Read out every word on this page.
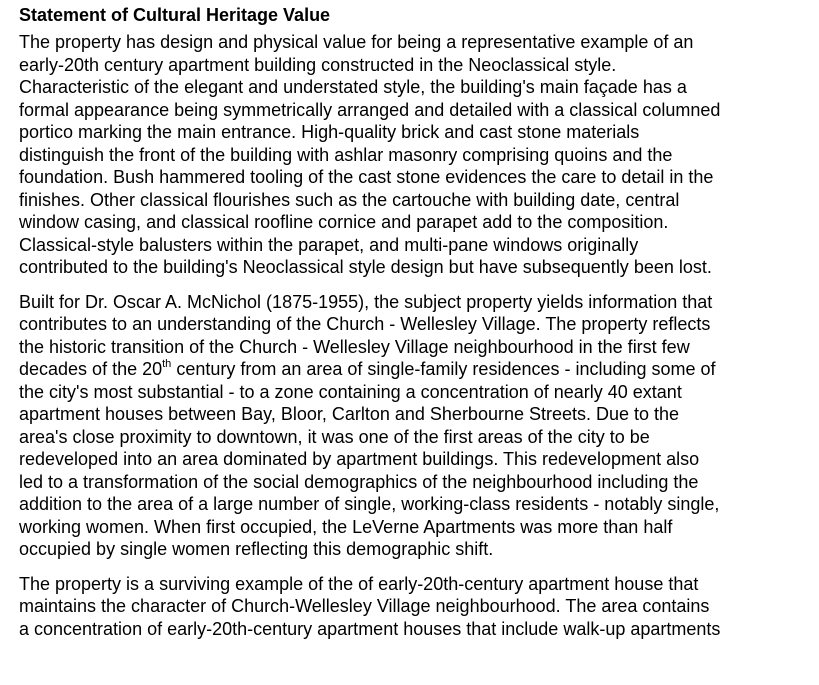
Statement of Cultural Heritage Value

The property has design and physical value for being a representative example of an
early-20th century apartment building constructed in the Neoclassical style.
Characteristic of the elegant and understated style, the building's main façade has a
formal appearance being symmetrically arranged and detailed with a classical columned
portico marking the main entrance. High-quality brick and cast stone materials
distinguish the front of the building with ashlar masonry comprising quoins and the
foundation. Bush hammered tooling of the cast stone evidences the care to detail in the
finishes. Other classical flourishes such as the cartouche with building date, central
window casing, and classical roofline cornice and parapet add to the composition.
Classical-style balusters within the parapet, and multi-pane windows originally
contributed to the building's Neoclassical style design but have subsequently been lost.

Built for Dr. Oscar A. McNichol (1875-1955), the subject property yields information that
contributes to an understanding of the Church - Wellesley Village. The property reflects
the historic transition of the Church - Wellesley Village neighbourhood in the first few
decades of the 20th century from an area of single-family residences - including some of
the city's most substantial - to a zone containing a concentration of nearly 40 extant
apartment houses between Bay, Bloor, Carlton and Sherbourne Streets. Due to the
area's close proximity to downtown, it was one of the first areas of the city to be
redeveloped into an area dominated by apartment buildings. This redevelopment also
led to a transformation of the social demographics of the neighbourhood including the
addition to the area of a large number of single, working-class residents - notably single,
working women. When first occupied, the LeVerne Apartments was more than half
occupied by single women reflecting this demographic shift.

The property is a surviving example of the of early-20th-century apartment house that
maintains the character of Church-Wellesley Village neighbourhood. The area contains
a concentration of early-20th-century apartment houses that include walk-up apartments
